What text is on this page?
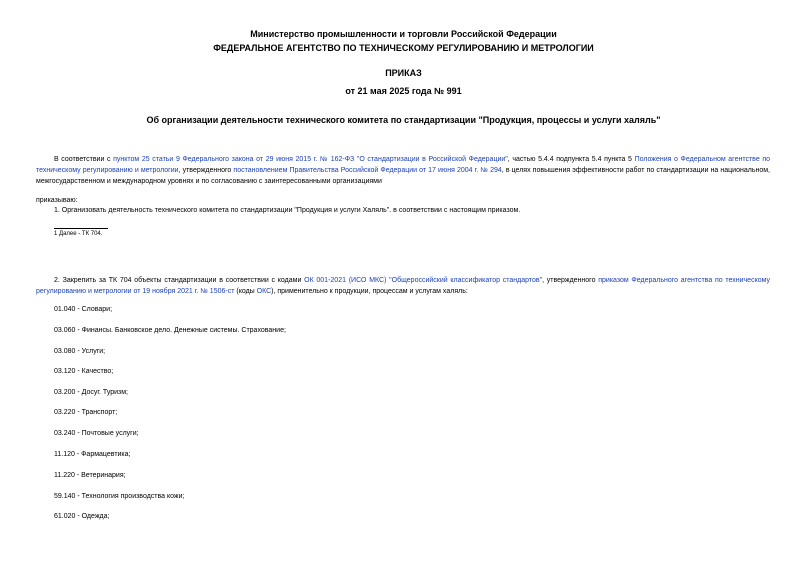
Министерство промышленности и торговли Российской Федерации
ФЕДЕРАЛЬНОЕ АГЕНТСТВО ПО ТЕХНИЧЕСКОМУ РЕГУЛИРОВАНИЮ И МЕТРОЛОГИИ
ПРИКАЗ
от 21 мая 2025 года № 991
Об организации деятельности технического комитета по стандартизации "Продукция, процессы и услуги халяль"
В соответствии с пунктом 25 статьи 9 Федерального закона от 29 июня 2015 г. № 162-ФЗ "О стандартизации в Российской Федерации", частью 5.4.4 подпункта 5.4 пункта 5 Положения о Федеральном агентстве по техническому регулированию и метрологии, утвержденного постановлением Правительства Российской Федерации от 17 июня 2004 г. № 294, в целях повышения эффективности работ по стандартизации на национальном, межгосударственном и международном уровнях и по согласованию с заинтересованными организациями
приказываю:
1. Организовать деятельность технического комитета по стандартизации "Продукция и услуги Халяль". в соответствии с настоящим приказом.
1 Далее - ТК 704.
2. Закрепить за ТК 704 объекты стандартизации в соответствии с кодами ОК 001-2021 (ИСО МКС) "Общероссийский классификатор стандартов", утвержденного приказом Федерального агентства по техническому регулированию и метрологии от 19 ноября 2021 г. № 1506-ст (коды ОКС), применительно к продукции, процессам и услугам халяль:
01.040 - Словари;
03.060 - Финансы. Банковское дело. Денежные системы. Страхование;
03.080 - Услуги;
03.120 - Качество;
03.200 - Досуг. Туризм;
03.220 - Транспорт;
03.240 - Почтовые услуги;
11.120 - Фармацевтика;
11.220 - Ветеринария;
59.140 - Технология производства кожи;
61.020 - Одежда;
